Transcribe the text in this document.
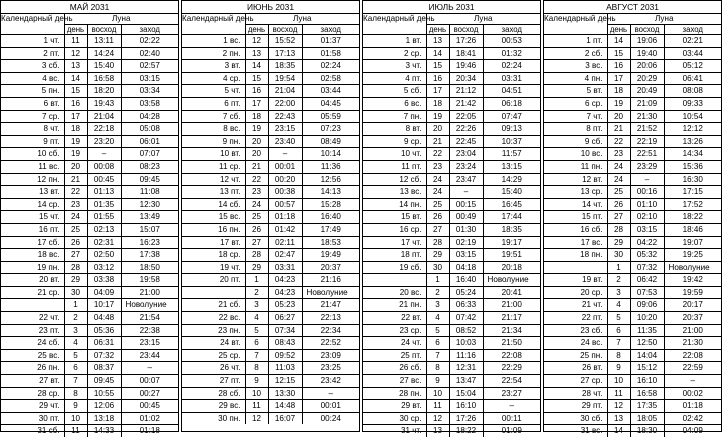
МАЙ 2031			
Календарный день	Луна		
	день	восход	заход
1 чт.	11	13:11	02:22
2 пт.	12	14:24	02:40
3 сб.	13	15:40	02:57
4 вс.	14	16:58	03:15
5 пн.	15	18:20	03:34
6 вт.	16	19:43	03:58
7 ср.	17	21:04	04:28
8 чт.	18	22:18	05:08
9 пт.	19	23:20	06:01
10 сб.	19	–	07:07
11 вс.	20	00:08	08:23
12 пн.	21	00:45	09:45
13 вт.	22	01:13	11:08
14 ср.	23	01:35	12:30
15 чт.	24	01:55	13:49
16 пт.	25	02:13	15:07
17 сб.	26	02:31	16:23
18 вс.	27	02:50	17:38
19 пн.	28	03:12	18:50
20 вт.	29	03:38	19:58
21 ср.	30	04:09	21:00
	1	10:17	Новолуние
22 чт.	2	04:48	21:54
23 пт.	3	05:36	22:38
24 сб.	4	06:31	23:15
25 вс.	5	07:32	23:44
26 пн.	6	08:37	–
27 вт.	7	09:45	00:07
28 ср.	8	10:55	00:27
29 чт.	9	12:06	00:45
30 пт.	10	13:18	01:02
31 сб.	11	14:33	01:18
ИЮНЬ 2031			
Календарный день	Луна		
	день	восход	заход
1 вс.	12	15:52	01:37
2 пн.	13	17:13	01:58
3 вт.	14	18:35	02:24
4 ср.	15	19:54	02:58
5 чт.	16	21:04	03:44
6 пт.	17	22:00	04:45
7 сб.	18	22:43	05:59
8 вс.	19	23:15	07:23
9 пн.	20	23:40	08:49
10 вт.	20	–	10:14
11 ср.	21	00:01	11:36
12 чт.	22	00:20	12:56
13 пт.	23	00:38	14:13
14 сб.	24	00:57	15:28
15 вс.	25	01:18	16:40
16 пн.	26	01:42	17:49
17 вт.	27	02:11	18:53
18 ср.	28	02:47	19:49
19 чт.	29	03:31	20:37
20 пт.	1	04:23	21:16
	2	04:23	Новолуние
21 сб.	3	05:23	21:47
22 вс.	4	06:27	22:13
23 пн.	5	07:34	22:34
24 вт.	6	08:43	22:52
25 ср.	7	09:52	23:09
26 чт.	8	11:03	23:25
27 пт.	9	12:15	23:42
28 сб.	10	13:30	–
29 вс.	11	14:48	00:01
30 пн.	12	16:07	00:24
ИЮЛЬ 2031			
Календарный день	Луна		
	день	восход	заход
1 вт.	13	17:26	00:53
2 ср.	14	18:41	01:32
3 чт.	15	19:46	02:24
4 пт.	16	20:34	03:31
5 сб.	17	21:12	04:51
6 вс.	18	21:42	06:18
7 пн.	19	22:05	07:47
8 вт.	20	22:26	09:13
9 ср.	21	22:45	10:37
10 чт.	22	23:04	11:57
11 пт.	23	23:24	13:15
12 сб.	24	23:47	14:29
13 вс.	24	–	15:40
14 пн.	25	00:15	16:45
15 вт.	26	00:49	17:44
16 ср.	27	01:30	18:35
17 чт.	28	02:19	19:17
18 пт.	29	03:15	19:51
19 сб.	30	04:18	20:18
	1	16:40	Новолуние
20 вс.	2	05:24	20:41
21 пн.	3	06:33	21:00
22 вт.	4	07:42	21:17
23 ср.	5	08:52	21:34
24 чт.	6	10:03	21:50
25 пт.	7	11:16	22:08
26 сб.	8	12:31	22:29
27 вс.	9	13:47	22:54
28 пн.	10	15:04	23:27
29 вт.	11	16:10	–
30 ср.	12	17:26	00:11
31 чт.	13	18:22	01:09
АВГУСТ 2031			
Календарный день	Луна		
	день	восход	заход
1 пт.	14	19:06	02:21
2 сб.	15	19:40	03:44
3 вс.	16	20:06	05:12
4 пн.	17	20:29	06:41
5 вт.	18	20:49	08:08
6 ср.	19	21:09	09:33
7 чт.	20	21:30	10:54
8 пт.	21	21:52	12:12
9 сб.	22	22:19	13:26
10 вс.	23	22:51	14:34
11 пн.	24	23:29	15:36
12 вт.	24	–	16:30
13 ср.	25	00:16	17:15
14 чт.	26	01:10	17:52
15 пт.	27	02:10	18:22
16 сб.	28	03:15	18:46
17 вс.	29	04:22	19:07
18 пн.	30	05:32	19:25
	1	07:32	Новолуние
19 вт.	2	06:42	19:42
20 ср.	3	07:53	19:59
21 чт.	4	09:06	20:17
22 пт.	5	10:20	20:37
23 сб.	6	11:35	21:00
24 вс.	7	12:50	21:30
25 пн.	8	14:04	22:08
26 вт.	9	15:12	22:59
27 ср.	10	16:10	–
28 чт.	11	16:58	00:02
29 пт.	12	17:35	01:18
30 сб.	13	18:05	02:42
31 вс.	14	18:30	04:09
